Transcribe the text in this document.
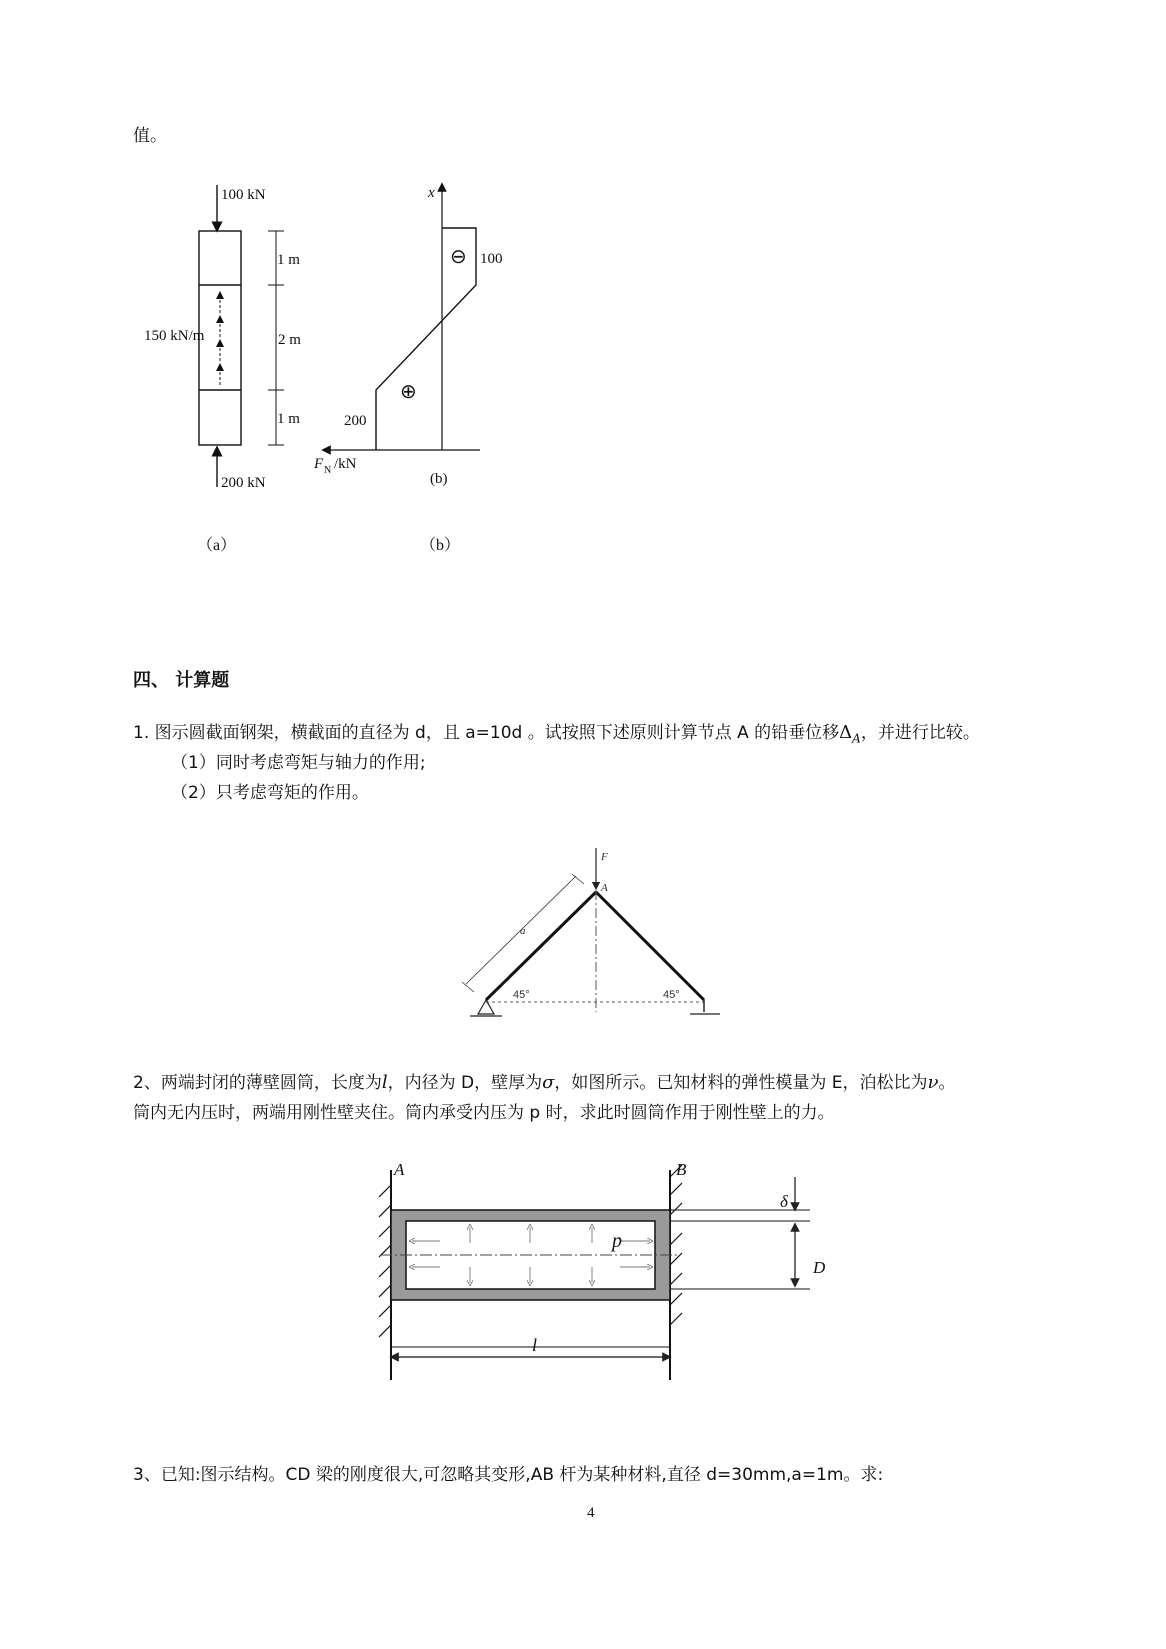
值。
100 kN
150 kN/m
200 kN
1 m
2 m
1 m
x
100
200
⊖
⊕
F N /kN
(b)
（a）	（b）
四、 计算题
1. 图示圆截面钢架，横截面的直径为 d，且 a=10d 。试按照下述原则计算节点 A 的铅垂位移$\Delta_A$，并进行比较。
（1）同时考虑弯矩与轴力的作用;
（2）只考虑弯矩的作用。
F
A
a
45°	45°
2、两端封闭的薄壁圆筒，长度为l，内径为 D，壁厚为σ，如图所示。已知材料的弹性模量为 E，泊松比为ν。
筒内无内压时，两端用刚性壁夹住。筒内承受内压为 p 时，求此时圆筒作用于刚性壁上的力。
A	B
p
δ
D
l
3、已知:图示结构。CD 梁的刚度很大,可忽略其变形,AB 杆为某种材料,直径 d=30mm,a=1m。求:
4
